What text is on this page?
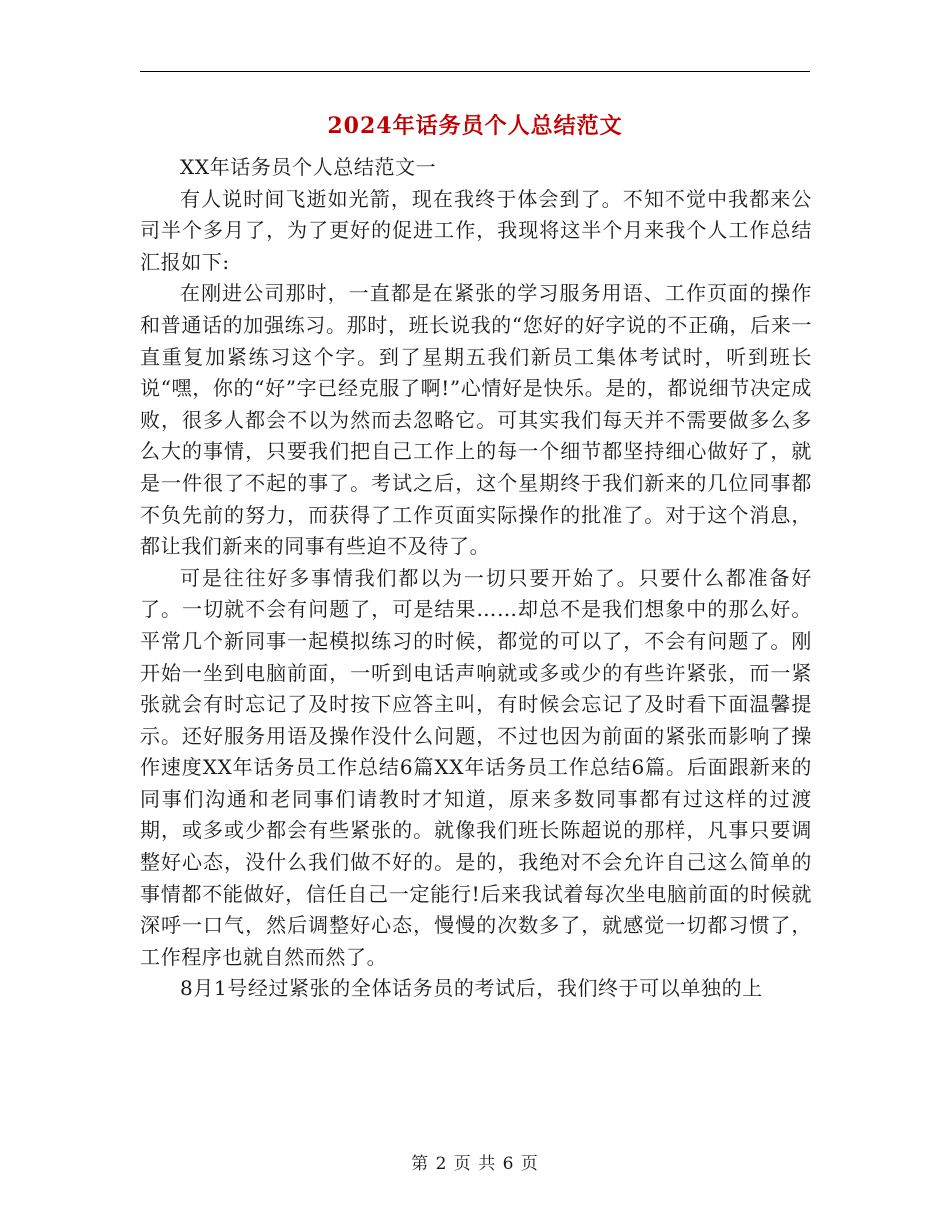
2024年话务员个人总结范文

XX年话务员个人总结范文一

有人说时间飞逝如光箭，现在我终于体会到了。不知不觉中我都来公司半个多月了，为了更好的促进工作，我现将这半个月来我个人工作总结汇报如下:

在刚进公司那时，一直都是在紧张的学习服务用语、工作页面的操作和普通话的加强练习。那时，班长说我的“您好的好字说的不正确，后来一直重复加紧练习这个字。到了星期五我们新员工集体考试时，听到班长说“嘿，你的“好”字已经克服了啊!”心情好是快乐。是的，都说细节决定成败，很多人都会不以为然而去忽略它。可其实我们每天并不需要做多么多么大的事情，只要我们把自己工作上的每一个细节都坚持细心做好了，就是一件很了不起的事了。考试之后，这个星期终于我们新来的几位同事都不负先前的努力，而获得了工作页面实际操作的批准了。对于这个消息，都让我们新来的同事有些迫不及待了。

可是往往好多事情我们都以为一切只要开始了。只要什么都准备好了。一切就不会有问题了，可是结果……却总不是我们想象中的那么好。平常几个新同事一起模拟练习的时候，都觉的可以了，不会有问题了。刚开始一坐到电脑前面，一听到电话声响就或多或少的有些许紧张，而一紧张就会有时忘记了及时按下应答主叫，有时候会忘记了及时看下面温馨提示。还好服务用语及操作没什么问题，不过也因为前面的紧张而影响了操作速度XX年话务员工作总结6篇XX年话务员工作总结6篇。后面跟新来的同事们沟通和老同事们请教时才知道，原来多数同事都有过这样的过渡期，或多或少都会有些紧张的。就像我们班长陈超说的那样，凡事只要调整好心态，没什么我们做不好的。是的，我绝对不会允许自己这么简单的事情都不能做好，信任自己一定能行!后来我试着每次坐电脑前面的时候就深呼一口气，然后调整好心态，慢慢的次数多了，就感觉一切都习惯了，工作程序也就自然而然了。

8月1号经过紧张的全体话务员的考试后，我们终于可以单独的上

第 2 页 共 6 页
